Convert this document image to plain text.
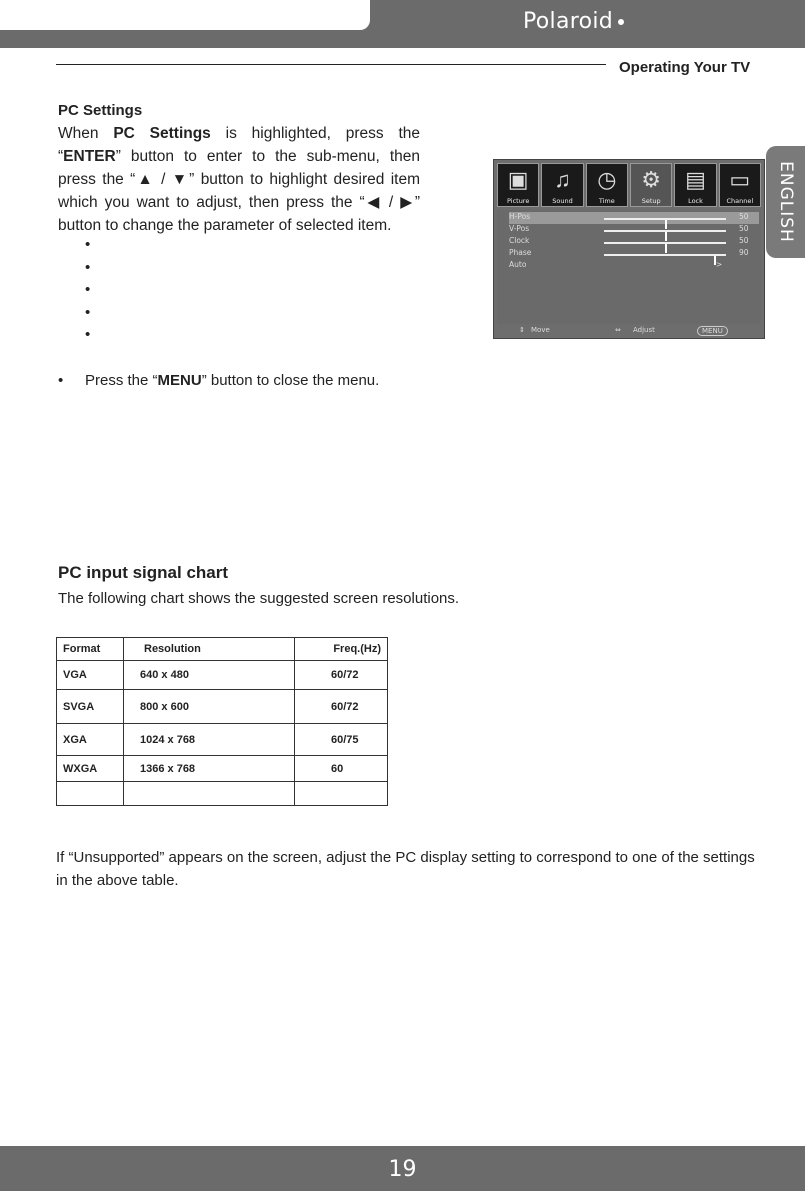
Polaroid
Operating Your TV
ENGLISH
PC Settings
When PC Settings is highlighted, press the “ENTER” button to enter to the sub-menu, then press the “▲ / ▼” button to highlight desired item which you want to adjust, then press the “◀ / ▶” button to change the parameter of selected item.
•
•
•
•
•
• Press the “MENU” button to close the menu.
▣
Picture
♫
Sound
◷
Time
⚙
Setup
▤
Lock
▭
Channel
H-Pos	50
V-Pos	50
Clock	50
Phase	90
Auto	>
⇕ Move	⇔ Adjust	MENU
PC input signal chart
The following chart shows the suggested screen resolutions.
Format	Resolution	Freq.(Hz)
VGA	640 x 480	60/72
SVGA	800 x 600	60/72
XGA	1024 x 768	60/75
WXGA	1366 x 768	60

If “Unsupported” appears on the screen, adjust the PC display setting to correspond to one of the settings in the above table.
19
